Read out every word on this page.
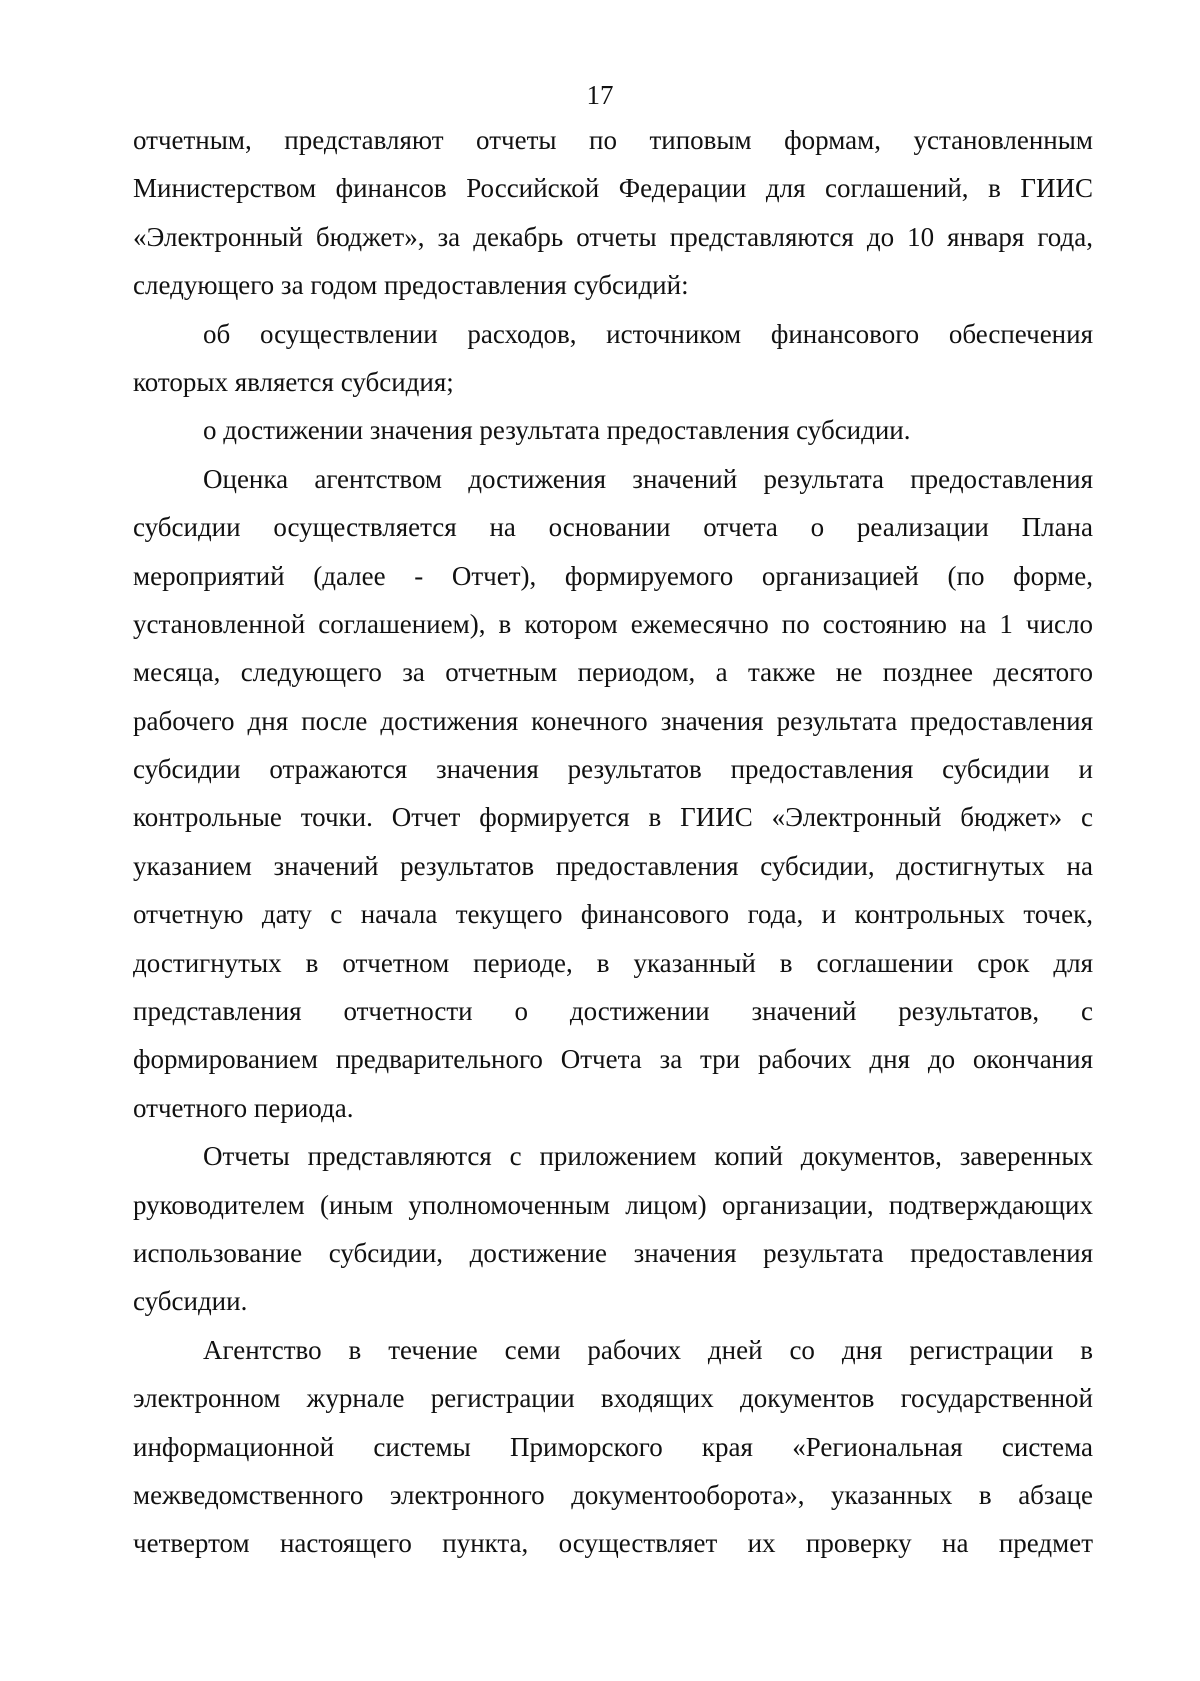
17
отчетным, представляют отчеты по типовым формам, установленным
Министерством финансов Российской Федерации для соглашений, в ГИИС
«Электронный бюджет», за декабрь отчеты представляются до 10 января года,
следующего за годом предоставления субсидий:
об осуществлении расходов, источником финансового обеспечения
которых является субсидия;
о достижении значения результата предоставления субсидии.
Оценка агентством достижения значений результата предоставления
субсидии осуществляется на основании отчета о реализации Плана
мероприятий (далее - Отчет), формируемого организацией (по форме,
установленной соглашением), в котором ежемесячно по состоянию на 1 число
месяца, следующего за отчетным периодом, а также не позднее десятого
рабочего дня после достижения конечного значения результата предоставления
субсидии отражаются значения результатов предоставления субсидии и
контрольные точки. Отчет формируется в ГИИС «Электронный бюджет» с
указанием значений результатов предоставления субсидии, достигнутых на
отчетную дату с начала текущего финансового года, и контрольных точек,
достигнутых в отчетном периоде, в указанный в соглашении срок для
представления отчетности о достижении значений результатов, с
формированием предварительного Отчета за три рабочих дня до окончания
отчетного периода.
Отчеты представляются с приложением копий документов, заверенных
руководителем (иным уполномоченным лицом) организации, подтверждающих
использование субсидии, достижение значения результата предоставления
субсидии.
Агентство в течение семи рабочих дней со дня регистрации в
электронном журнале регистрации входящих документов государственной
информационной системы Приморского края «Региональная система
межведомственного электронного документооборота», указанных в абзаце
четвертом настоящего пункта, осуществляет их проверку на предмет
